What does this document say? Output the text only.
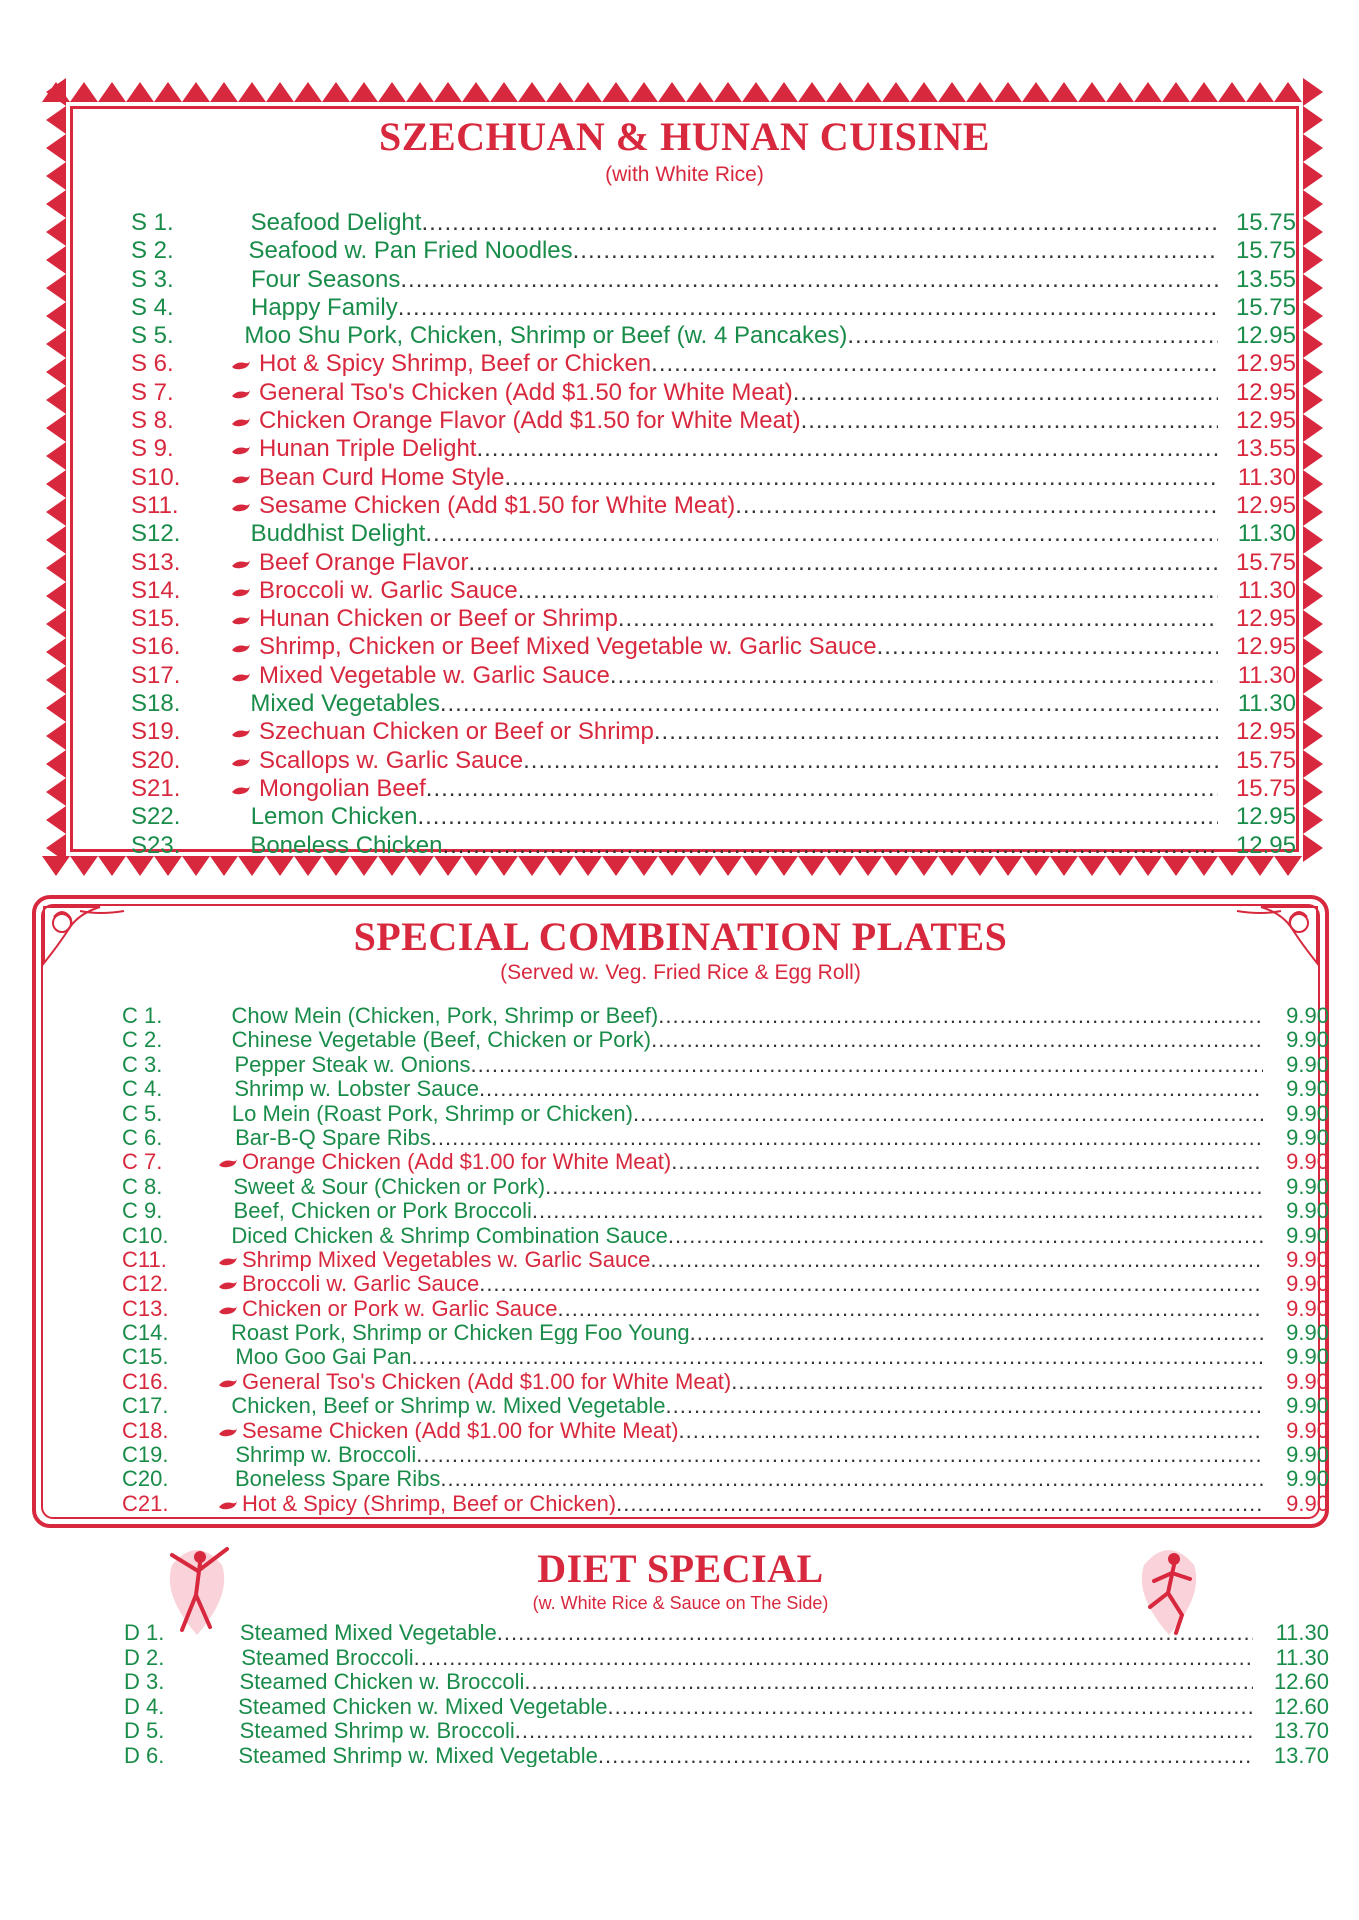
SZECHUAN & HUNAN CUISINE
(with White Rice)
S 1.	Seafood Delight .....	15.75
S 2.	Seafood w. Pan Fried Noodles .....	15.75
S 3.	Four Seasons .....	13.55
S 4.	Happy Family .....	15.75
S 5.	Moo Shu Pork, Chicken, Shrimp or Beef (w. 4 Pancakes) .....	12.95
S 6.	Hot & Spicy Shrimp, Beef or Chicken .....	12.95
S 7.	General Tso's Chicken (Add $1.50 for White Meat) .....	12.95
S 8.	Chicken Orange Flavor (Add $1.50 for White Meat) .....	12.95
S 9.	Hunan Triple Delight .....	13.55
S10.	Bean Curd Home Style .....	11.30
S11.	Sesame Chicken (Add $1.50 for White Meat) .....	12.95
S12.	Buddhist Delight .....	11.30
S13.	Beef Orange Flavor .....	15.75
S14.	Broccoli w. Garlic Sauce .....	11.30
S15.	Hunan Chicken or Beef or Shrimp .....	12.95
S16.	Shrimp, Chicken or Beef Mixed Vegetable w. Garlic Sauce .....	12.95
S17.	Mixed Vegetable w. Garlic Sauce .....	11.30
S18.	Mixed Vegetables .....	11.30
S19.	Szechuan Chicken or Beef or Shrimp .....	12.95
S20.	Scallops w. Garlic Sauce .....	15.75
S21.	Mongolian Beef .....	15.75
S22.	Lemon Chicken .....	12.95
S23.	Boneless Chicken .....	12.95
SPECIAL COMBINATION PLATES
(Served w. Veg. Fried Rice & Egg Roll)
C 1.	Chow Mein (Chicken, Pork, Shrimp or Beef) .....	9.90
C 2.	Chinese Vegetable (Beef, Chicken or Pork) .....	9.90
C 3.	Pepper Steak w. Onions .....	9.90
C 4.	Shrimp w. Lobster Sauce .....	9.90
C 5.	Lo Mein (Roast Pork, Shrimp or Chicken) .....	9.90
C 6.	Bar-B-Q Spare Ribs .....	9.90
C 7.	Orange Chicken (Add $1.00 for White Meat) .....	9.90
C 8.	Sweet & Sour (Chicken or Pork) .....	9.90
C 9.	Beef, Chicken or Pork Broccoli .....	9.90
C10.	Diced Chicken & Shrimp Combination Sauce .....	9.90
C11.	Shrimp Mixed Vegetables w. Garlic Sauce .....	9.90
C12.	Broccoli w. Garlic Sauce .....	9.90
C13.	Chicken or Pork w. Garlic Sauce .....	9.90
C14.	Roast Pork, Shrimp or Chicken Egg Foo Young .....	9.90
C15.	Moo Goo Gai Pan .....	9.90
C16.	General Tso's Chicken (Add $1.00 for White Meat) .....	9.90
C17.	Chicken, Beef or Shrimp w. Mixed Vegetable .....	9.90
C18.	Sesame Chicken (Add $1.00 for White Meat) .....	9.90
C19.	Shrimp w. Broccoli .....	9.90
C20.	Boneless Spare Ribs .....	9.90
C21.	Hot & Spicy (Shrimp, Beef or Chicken) .....	9.90
DIET SPECIAL
(w. White Rice & Sauce on The Side)
D 1.	Steamed Mixed Vegetable .....	11.30
D 2.	Steamed Broccoli .....	11.30
D 3.	Steamed Chicken w. Broccoli .....	12.60
D 4.	Steamed Chicken w. Mixed Vegetable .....	12.60
D 5.	Steamed Shrimp w. Broccoli .....	13.70
D 6.	Steamed Shrimp w. Mixed Vegetable .....	13.70
